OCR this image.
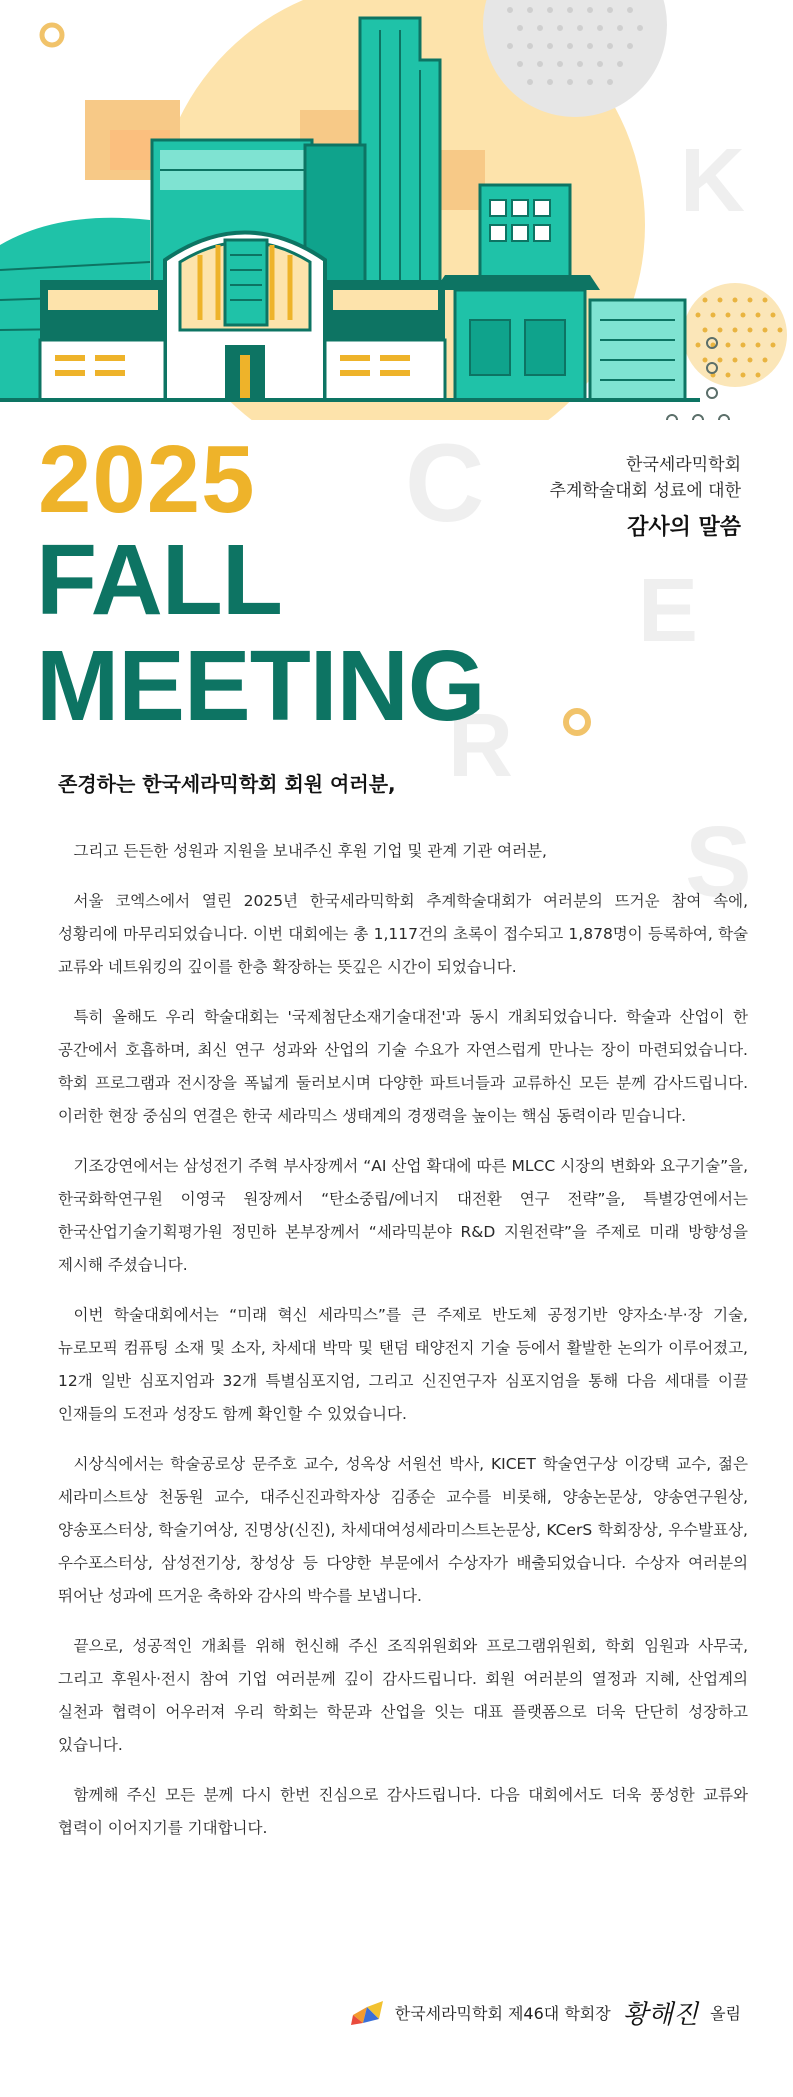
K
C
E
R
S
2025
FALL
MEETING
한국세라믹학회
추계학술대회 성료에 대한
감사의 말씀
존경하는 한국세라믹학회 회원 여러분,

그리고 든든한 성원과 지원을 보내주신 후원 기업 및 관계 기관 여러분,

서울 코엑스에서 열린 2025년 한국세라믹학회 추계학술대회가 여러분의 뜨거운 참여 속에, 성황리에 마무리되었습니다. 이번 대회에는 총 1,117건의 초록이 접수되고 1,878명이 등록하여, 학술 교류와 네트워킹의 깊이를 한층 확장하는 뜻깊은 시간이 되었습니다.

특히 올해도 우리 학술대회는 '국제첨단소재기술대전'과 동시 개최되었습니다. 학술과 산업이 한 공간에서 호흡하며, 최신 연구 성과와 산업의 기술 수요가 자연스럽게 만나는 장이 마련되었습니다. 학회 프로그램과 전시장을 폭넓게 둘러보시며 다양한 파트너들과 교류하신 모든 분께 감사드립니다. 이러한 현장 중심의 연결은 한국 세라믹스 생태계의 경쟁력을 높이는 핵심 동력이라 믿습니다.

기조강연에서는 삼성전기 주혁 부사장께서 “AI 산업 확대에 따른 MLCC 시장의 변화와 요구기술”을, 한국화학연구원 이영국 원장께서 “탄소중립/에너지 대전환 연구 전략”을, 특별강연에서는 한국산업기술기획평가원 정민하 본부장께서 “세라믹분야 R&D 지원전략”을 주제로 미래 방향성을 제시해 주셨습니다.

이번 학술대회에서는 “미래 혁신 세라믹스”를 큰 주제로 반도체 공정기반 양자소·부·장 기술, 뉴로모픽 컴퓨팅 소재 및 소자, 차세대 박막 및 탠덤 태양전지 기술 등에서 활발한 논의가 이루어졌고, 12개 일반 심포지엄과 32개 특별심포지엄, 그리고 신진연구자 심포지엄을 통해 다음 세대를 이끌 인재들의 도전과 성장도 함께 확인할 수 있었습니다.

시상식에서는 학술공로상 문주호 교수, 성옥상 서원선 박사, KICET 학술연구상 이강택 교수, 젊은 세라미스트상 천동원 교수, 대주신진과학자상 김종순 교수를 비롯해, 양송논문상, 양송연구원상, 양송포스터상, 학술기여상, 진명상(신진), 차세대여성세라미스트논문상, KCerS 학회장상, 우수발표상, 우수포스터상, 삼성전기상, 창성상 등 다양한 부문에서 수상자가 배출되었습니다. 수상자 여러분의 뛰어난 성과에 뜨거운 축하와 감사의 박수를 보냅니다.

끝으로, 성공적인 개최를 위해 헌신해 주신 조직위원회와 프로그램위원회, 학회 임원과 사무국, 그리고 후원사·전시 참여 기업 여러분께 깊이 감사드립니다. 회원 여러분의 열정과 지혜, 산업계의 실천과 협력이 어우러져 우리 학회는 학문과 산업을 잇는 대표 플랫폼으로 더욱 단단히 성장하고 있습니다.

함께해 주신 모든 분께 다시 한번 진심으로 감사드립니다. 다음 대회에서도 더욱 풍성한 교류와 협력이 이어지기를 기대합니다.

한국세라믹학회 제46대 학회장 황해진 올림
